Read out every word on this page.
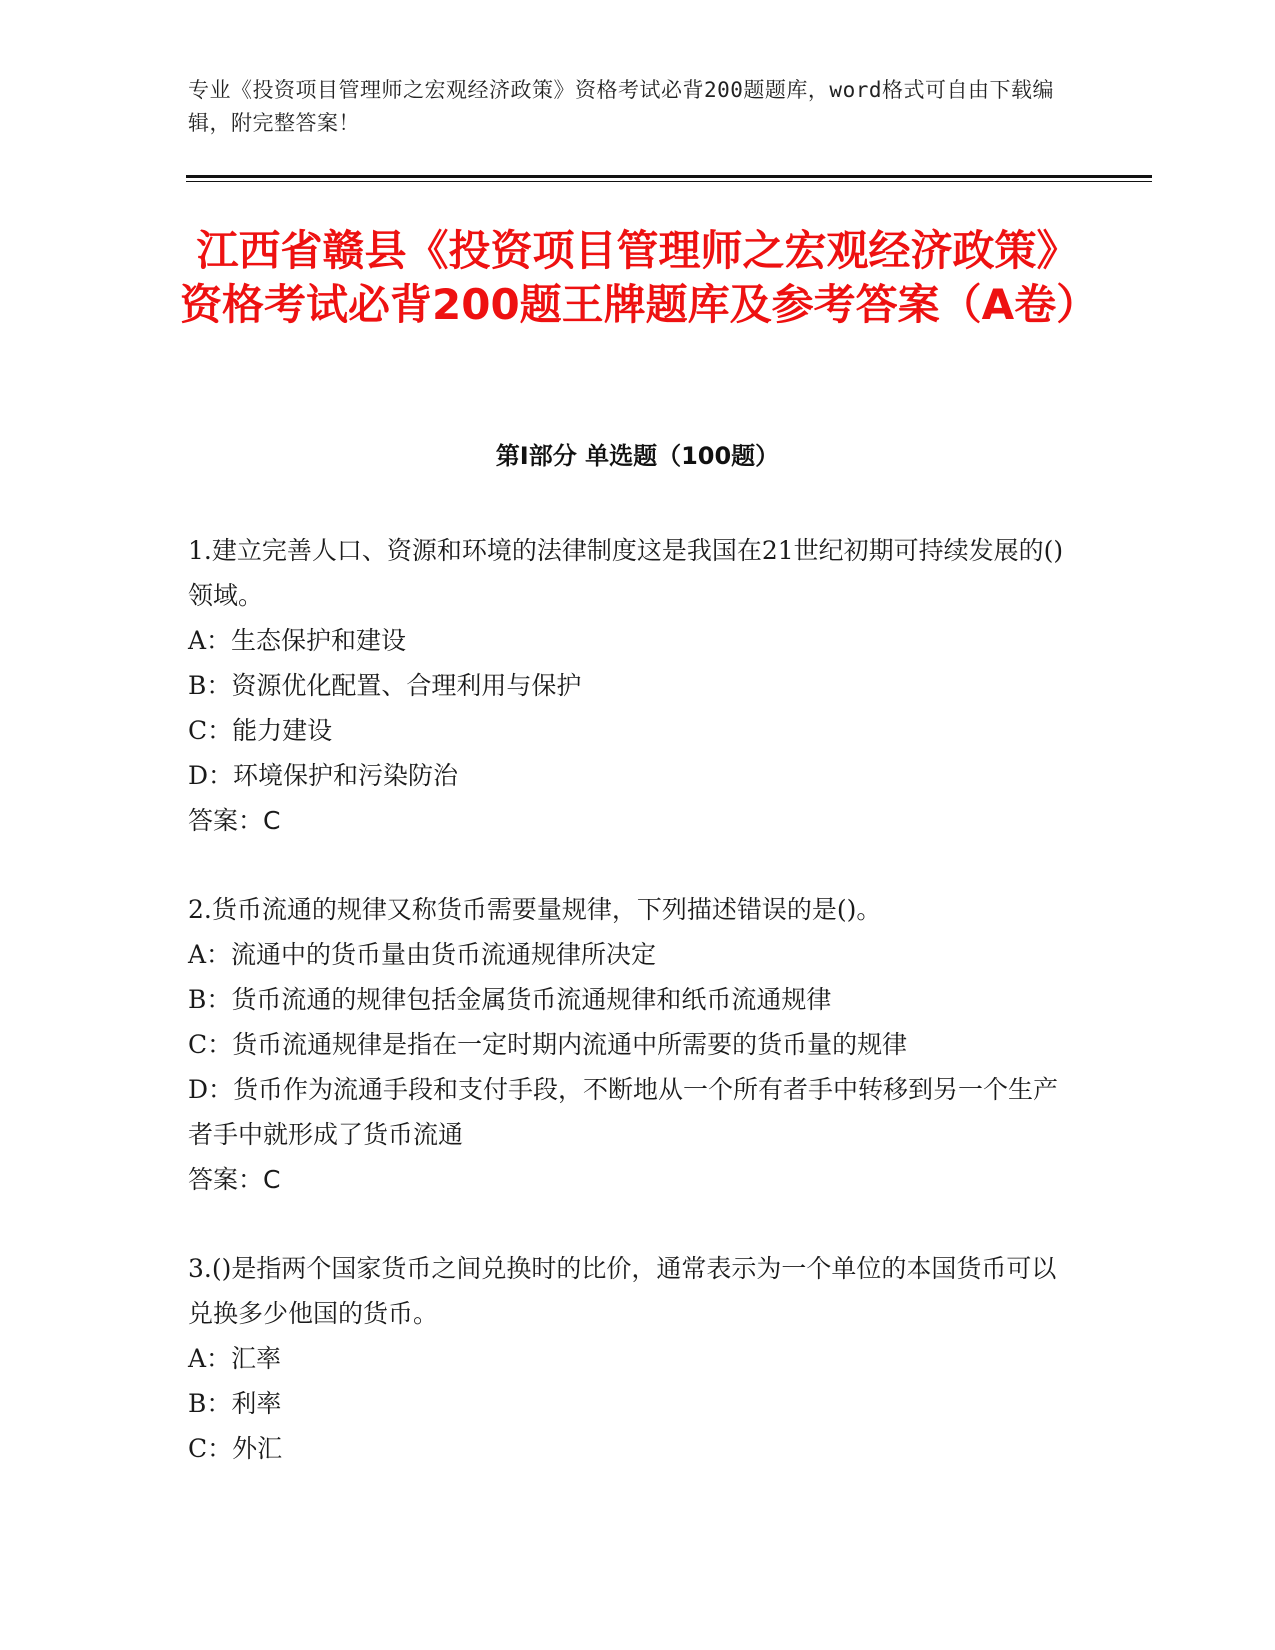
专业《投资项目管理师之宏观经济政策》资格考试必背200题题库，word格式可自由下载编辑，附完整答案！
江西省赣县《投资项目管理师之宏观经济政策》资格考试必背200题王牌题库及参考答案（A卷）
第Ⅰ部分 单选题（100题）

1.建立完善人口、资源和环境的法律制度这是我国在21世纪初期可持续发展的()领域。

A：生态保护和建设

B：资源优化配置、合理利用与保护

C：能力建设

D：环境保护和污染防治

答案：C

2.货币流通的规律又称货币需要量规律，下列描述错误的是()。

A：流通中的货币量由货币流通规律所决定

B：货币流通的规律包括金属货币流通规律和纸币流通规律

C：货币流通规律是指在一定时期内流通中所需要的货币量的规律

D：货币作为流通手段和支付手段，不断地从一个所有者手中转移到另一个生产者手中就形成了货币流通

答案：C

3.()是指两个国家货币之间兑换时的比价，通常表示为一个单位的本国货币可以兑换多少他国的货币。

A：汇率

B：利率

C：外汇
